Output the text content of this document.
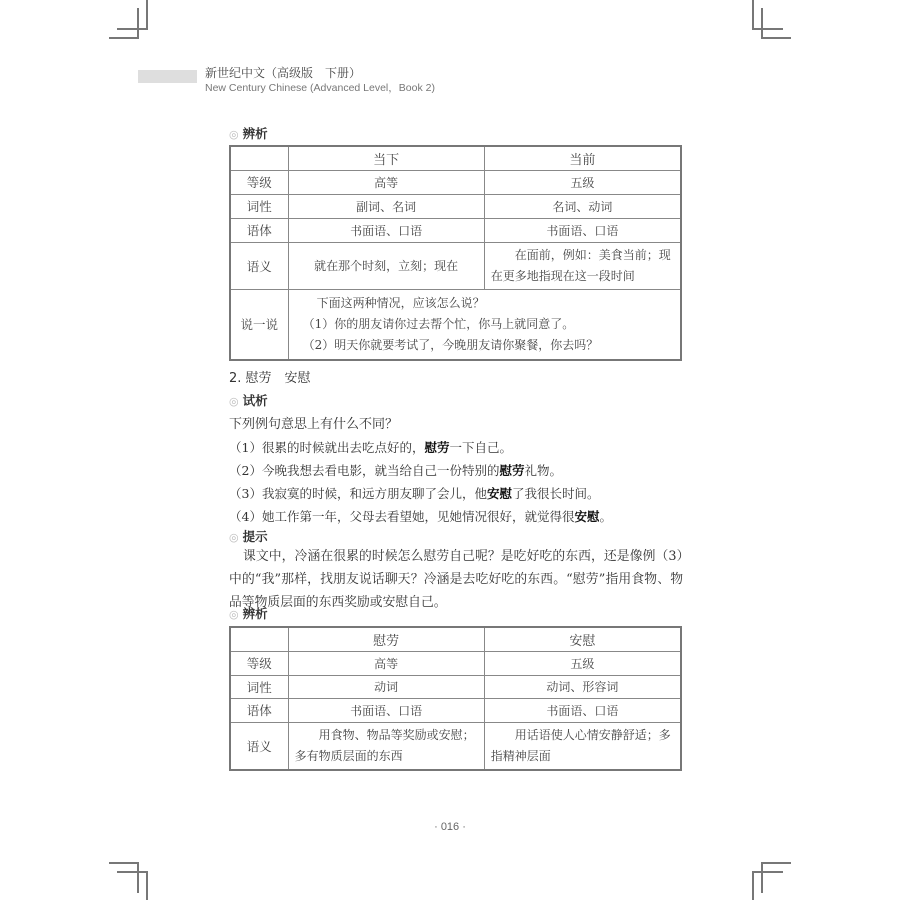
新世纪中文（高级版　下册）
New Century Chinese (Advanced Level，Book 2)
◎ 辨析
	当下	当前
等级	高等	五级
词性	副词、名词	名词、动词
语体	书面语、口语	书面语、口语
语义	就在那个时刻，立刻；现在	在面前，例如：美食当前；现在更多地指现在这一段时间
说一说	下面这两种情况，应该怎么说？
（1）你的朋友请你过去帮个忙，你马上就同意了。
（2）明天你就要考试了，今晚朋友请你聚餐，你去吗？	
2. 慰劳　安慰
◎ 试析
下列例句意思上有什么不同？
（1）很累的时候就出去吃点好的，慰劳一下自己。
（2）今晚我想去看电影，就当给自己一份特别的慰劳礼物。
（3）我寂寞的时候，和远方朋友聊了会儿，他安慰了我很长时间。
（4）她工作第一年，父母去看望她，见她情况很好，就觉得很安慰。
◎ 提示
课文中，冷涵在很累的时候怎么慰劳自己呢？是吃好吃的东西，还是像例（3）中的“我”那样，找朋友说话聊天？冷涵是去吃好吃的东西。“慰劳”指用食物、物品等物质层面的东西奖励或安慰自己。
◎ 辨析
	慰劳	安慰
等级	高等	五级
词性	动词	动词、形容词
语体	书面语、口语	书面语、口语
语义	用食物、物品等奖励或安慰；多有物质层面的东西	用话语使人心情安静舒适；多指精神层面
· 016 ·
